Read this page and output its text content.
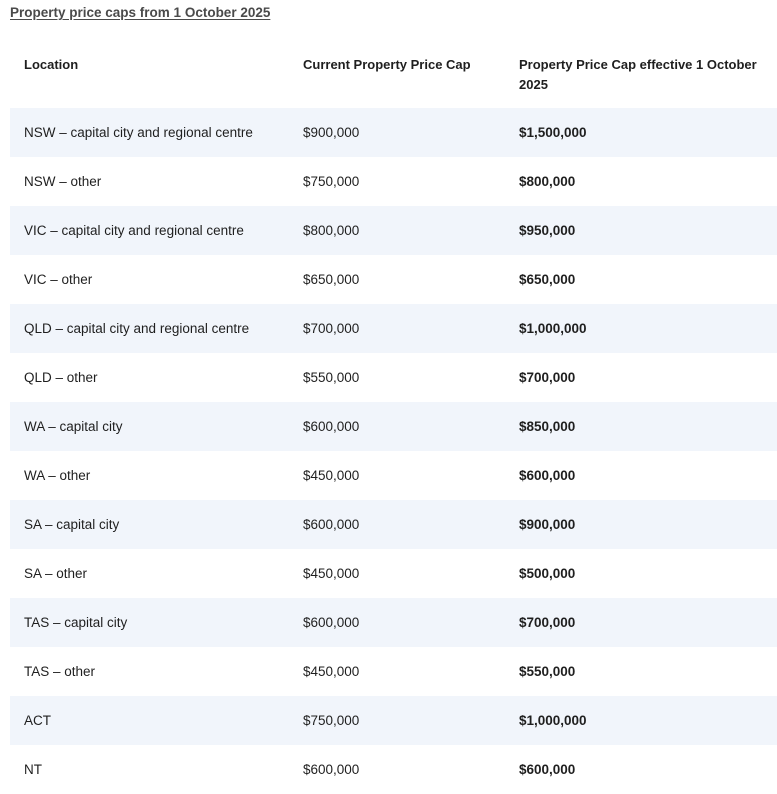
Property price caps from 1 October 2025
Location	Current Property Price Cap	Property Price Cap effective 1 October 2025
NSW – capital city and regional centre	$900,000	$1,500,000
NSW – other	$750,000	$800,000
VIC – capital city and regional centre	$800,000	$950,000
VIC – other	$650,000	$650,000
QLD – capital city and regional centre	$700,000	$1,000,000
QLD – other	$550,000	$700,000
WA – capital city	$600,000	$850,000
WA – other	$450,000	$600,000
SA – capital city	$600,000	$900,000
SA – other	$450,000	$500,000
TAS – capital city	$600,000	$700,000
TAS – other	$450,000	$550,000
ACT	$750,000	$1,000,000
NT	$600,000	$600,000
